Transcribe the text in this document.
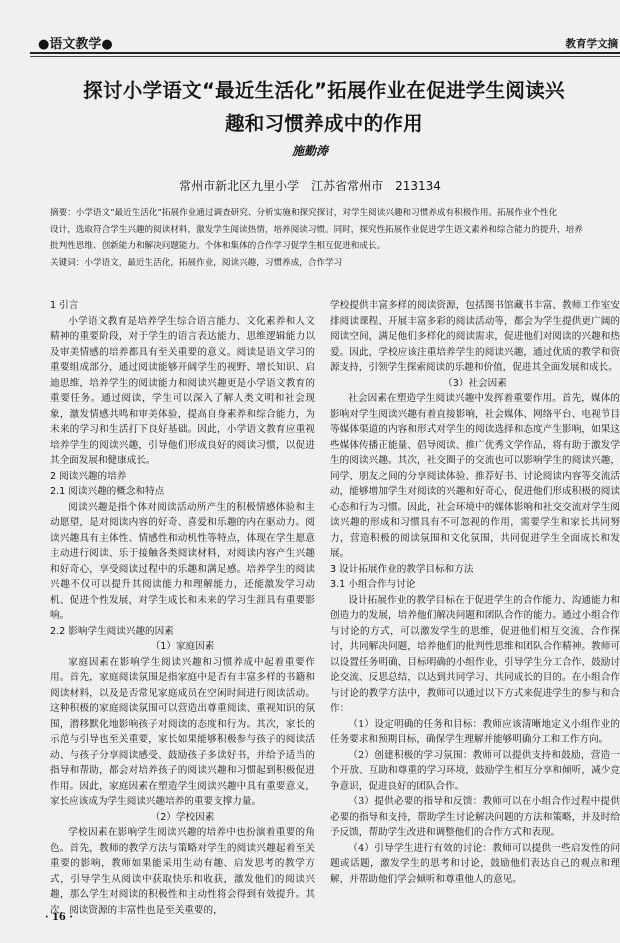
●语文教学●	教育学文摘
探讨小学语文“最近生活化”拓展作业在促进学生阅读兴
趣和习惯养成中的作用
施勤涛
常州市新北区九里小学　江苏省常州市　213134
摘要：小学语文“最近生活化”拓展作业通过调查研究、分析实施和探究探讨，对学生阅读兴趣和习惯养成有积极作用。拓展作业个性化
设计，选取符合学生兴趣的阅读材料，激发学生阅读热情，培养阅读习惯。同时，探究性拓展作业促进学生语文素养和综合能力的提升，培养
批判性思维、创新能力和解决问题能力。个体和集体的合作学习促学生相互促进和成长。
关键词：小学语文，最近生活化，拓展作业，阅读兴趣，习惯养成，合作学习

1 引言

小学语文教育是培养学生综合语言能力、文化素养和人文精神的重要阶段，对于学生的语言表达能力、思维逻辑能力以及审美情感的培养都具有至关重要的意义。阅读是语文学习的重要组成部分，通过阅读能够开阔学生的视野、增长知识、启迪思维，培养学生的阅读能力和阅读兴趣更是小学语文教育的重要任务。通过阅读，学生可以深入了解人类文明和社会现象，激发情感共鸣和审美体验，提高自身素养和综合能力，为未来的学习和生活打下良好基础。因此，小学语文教育应重视培养学生的阅读兴趣，引导他们形成良好的阅读习惯，以促进其全面发展和健康成长。

2 阅读兴趣的培养

2.1 阅读兴趣的概念和特点

阅读兴趣是指个体对阅读活动所产生的积极情感体验和主动愿望，是对阅读内容的好奇、喜爱和乐趣的内在驱动力。阅读兴趣具有主体性、情感性和动机性等特点，体现在学生愿意主动进行阅读、乐于接触各类阅读材料，对阅读内容产生兴趣和好奇心，享受阅读过程中的乐趣和满足感。培养学生的阅读兴趣不仅可以提升其阅读能力和理解能力，还能激发学习动机、促进个性发展，对学生成长和未来的学习生涯具有重要影响。

2.2 影响学生阅读兴趣的因素

（1）家庭因素

家庭因素在影响学生阅读兴趣和习惯养成中起着重要作用。首先，家庭阅读氛围是指家庭中是否有丰富多样的书籍和阅读材料，以及是否常见家庭成员在空闲时间进行阅读活动。这种积极的家庭阅读氛围可以营造出尊重阅读、重视知识的氛围，潜移默化地影响孩子对阅读的态度和行为。其次，家长的示范与引导也至关重要，家长如果能够积极参与孩子的阅读活动、与孩子分享阅读感受、鼓励孩子多读好书，并给予适当的指导和帮助，都会对培养孩子的阅读兴趣和习惯起到积极促进作用。因此，家庭因素在塑造学生阅读兴趣中具有重要意义，家长应该成为学生阅读兴趣培养的重要支撑力量。

（2）学校因素

学校因素在影响学生阅读兴趣的培养中也扮演着重要的角色。首先，教师的教学方法与策略对学生的阅读兴趣起着至关重要的影响，教师如果能采用生动有趣、启发思考的教学方式，引导学生从阅读中获取快乐和收获，激发他们的阅读兴趣，那么学生对阅读的积极性和主动性将会得到有效提升。其次，阅读资源的丰富性也是至关重要的，

学校提供丰富多样的阅读资源，包括图书馆藏书丰富、教师工作室安排阅读课程、开展丰富多彩的阅读活动等，都会为学生提供更广阔的阅读空间，满足他们多样化的阅读需求，促进他们对阅读的兴趣和热爱。因此，学校应该注重培养学生的阅读兴趣，通过优质的教学和资源支持，引领学生探索阅读的乐趣和价值，促进其全面发展和成长。

（3）社会因素

社会因素在塑造学生阅读兴趣中发挥着重要作用。首先，媒体的影响对学生阅读兴趣有着直接影响，社会媒体、网络平台、电视节目等媒体渠道的内容和形式对学生的阅读选择和态度产生影响，如果这些媒体传播正能量、倡导阅读、推广优秀文学作品，将有助于激发学生的阅读兴趣。其次，社交圈子的交流也可以影响学生的阅读兴趣，同学、朋友之间的分享阅读体验、推荐好书、讨论阅读内容等交流活动，能够增加学生对阅读的兴趣和好奇心，促进他们形成积极的阅读心态和行为习惯。因此，社会环境中的媒体影响和社交交流对学生阅读兴趣的形成和习惯具有不可忽视的作用，需要学生和家长共同努力，营造积极的阅读氛围和文化氛围，共同促进学生全面成长和发展。

3 设计拓展作业的教学目标和方法

3.1 小组合作与讨论

设计拓展作业的教学目标在于促进学生的合作能力、沟通能力和创造力的发展，培养他们解决问题和团队合作的能力。通过小组合作与讨论的方式，可以激发学生的思维，促进他们相互交流、合作探讨，共同解决问题，培养他们的批判性思维和团队合作精神。教师可以设置任务明确、目标明确的小组作业，引导学生分工合作、鼓励讨论交流、反思总结，以达到共同学习、共同成长的目的。在小组合作与讨论的教学方法中，教师可以通过以下方式来促进学生的参与和合作：

（1）设定明确的任务和目标：教师应该清晰地定义小组作业的任务要求和预期目标，确保学生理解并能够明确分工和工作方向。

（2）创建积极的学习氛围：教师可以提供支持和鼓励，营造一个开放、互助和尊重的学习环境，鼓励学生相互分享和倾听，减少竞争意识，促进良好的团队合作。

（3）提供必要的指导和反馈：教师可以在小组合作过程中提供必要的指导和支持，帮助学生讨论解决问题的方法和策略，并及时给予反馈，帮助学生改进和调整他们的合作方式和表现。

（4）引导学生进行有效的讨论：教师可以提供一些启发性的问题或话题，激发学生的思考和讨论，鼓励他们表达自己的观点和理解，并帮助他们学会倾听和尊重他人的意见。

· 16 ·
